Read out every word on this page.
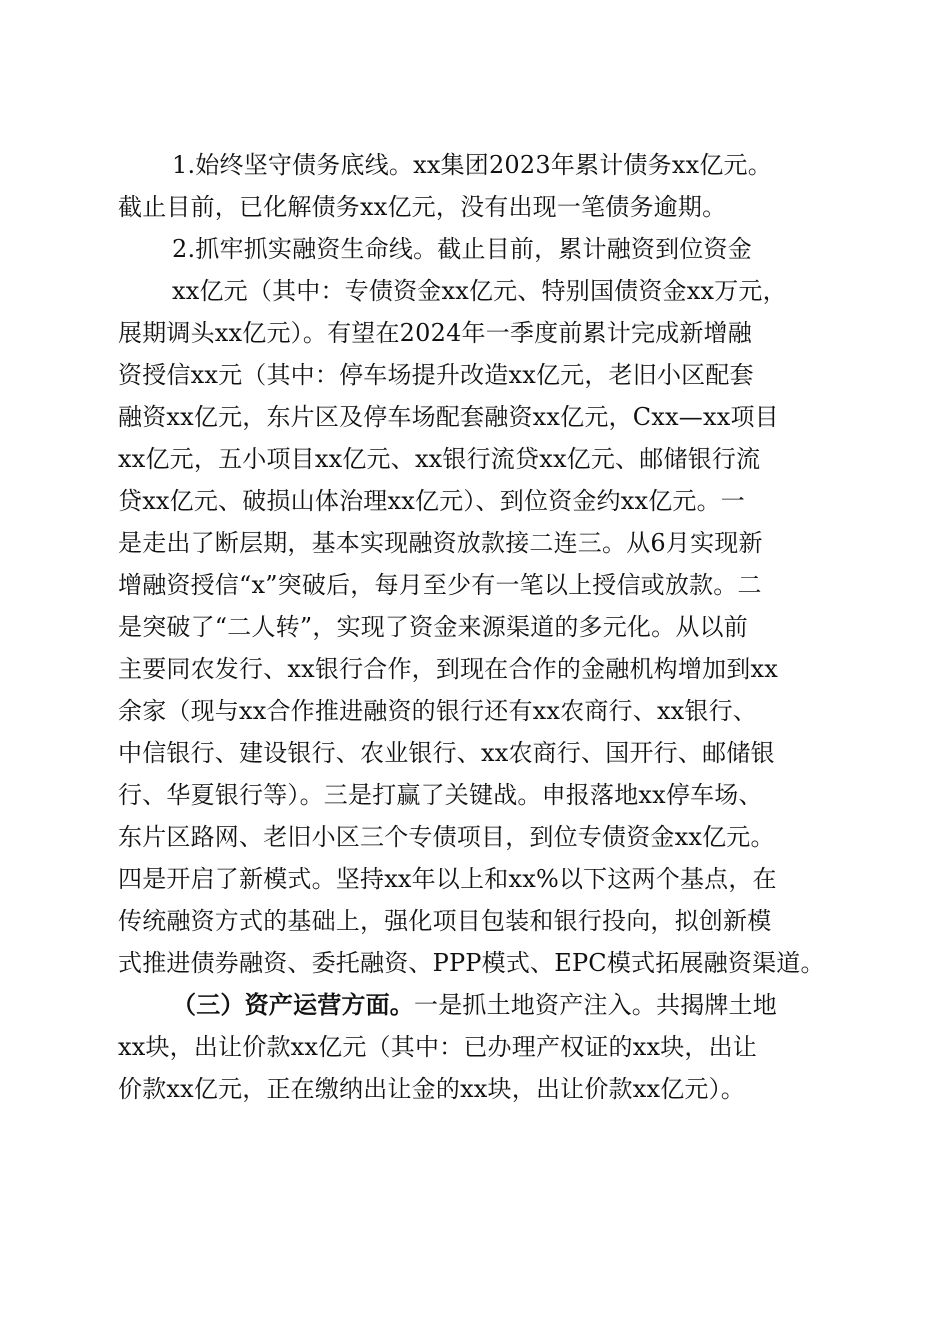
1.始终坚守债务底线。xx集团2023年累计债务xx亿元。
截止目前，已化解债务xx亿元，没有出现一笔债务逾期。
2.抓牢抓实融资生命线。截止目前，累计融资到位资金
xx亿元（其中：专债资金xx亿元、特别国债资金xx万元，
展期调头xx亿元）。有望在2024年一季度前累计完成新增融
资授信xx元（其中：停车场提升改造xx亿元，老旧小区配套
融资xx亿元，东片区及停车场配套融资xx亿元，Cxx—xx项目
xx亿元，五小项目xx亿元、xx银行流贷xx亿元、邮储银行流
贷xx亿元、破损山体治理xx亿元）、到位资金约xx亿元。一
是走出了断层期，基本实现融资放款接二连三。从6月实现新
增融资授信“x”突破后，每月至少有一笔以上授信或放款。二
是突破了“二人转”，实现了资金来源渠道的多元化。从以前
主要同农发行、xx银行合作，到现在合作的金融机构增加到xx
余家（现与xx合作推进融资的银行还有xx农商行、xx银行、
中信银行、建设银行、农业银行、xx农商行、国开行、邮储银
行、华夏银行等）。三是打赢了关键战。申报落地xx停车场、
东片区路网、老旧小区三个专债项目，到位专债资金xx亿元。
四是开启了新模式。坚持xx年以上和xx%以下这两个基点，在
传统融资方式的基础上，强化项目包装和银行投向，拟创新模
式推进债券融资、委托融资、PPP模式、EPC模式拓展融资渠道。
（三）资产运营方面。一是抓土地资产注入。共揭牌土地
xx块，出让价款xx亿元（其中：已办理产权证的xx块，出让
价款xx亿元，正在缴纳出让金的xx块，出让价款xx亿元）。
